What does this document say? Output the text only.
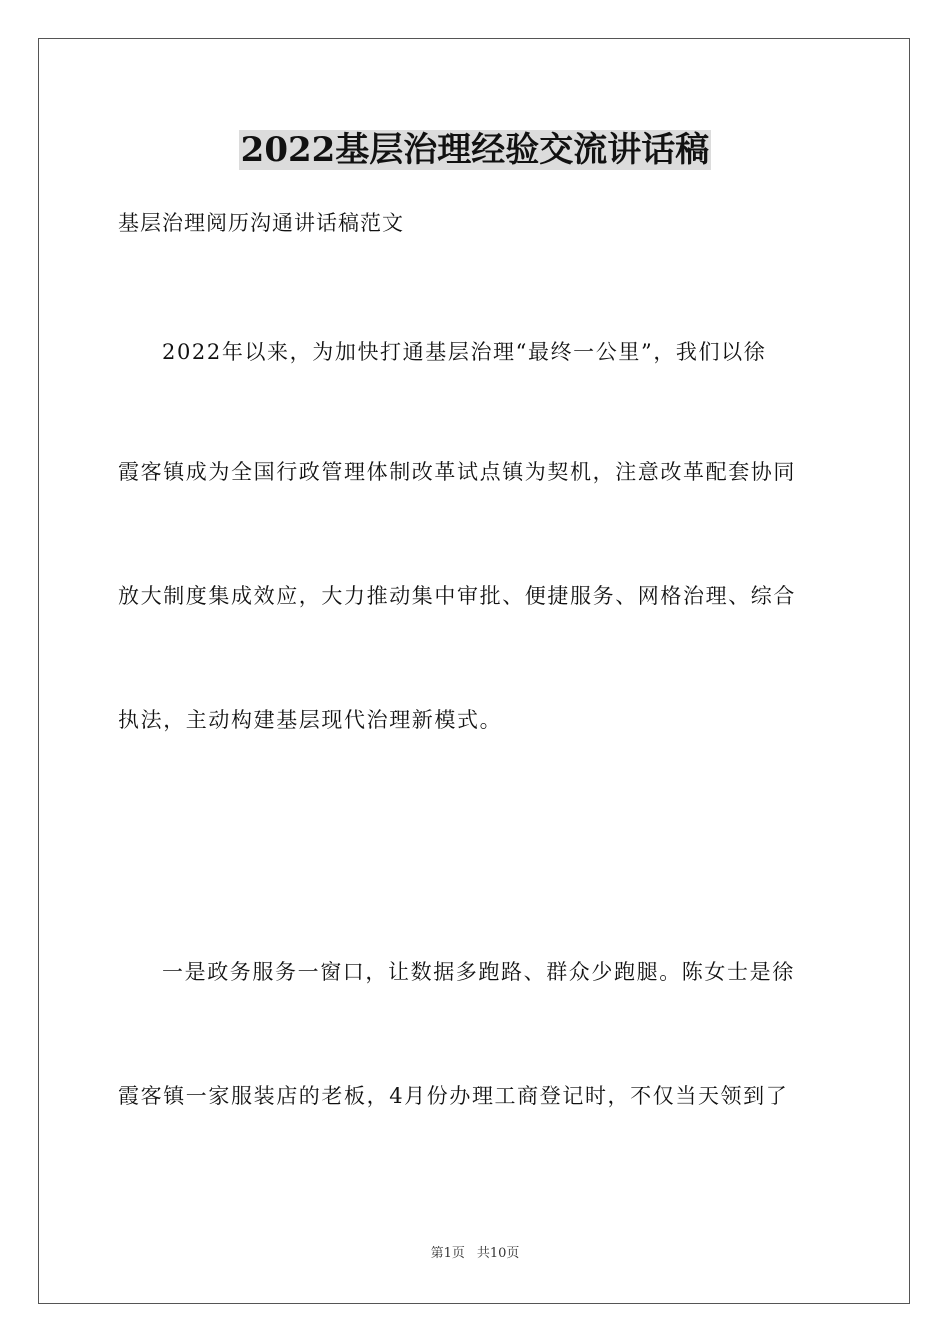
2022基层治理经验交流讲话稿
基层治理阅历沟通讲话稿范文
2022年以来，为加快打通基层治理“最终一公里”，我们以徐
霞客镇成为全国行政管理体制改革试点镇为契机，注意改革配套协同
放大制度集成效应，大力推动集中审批、便捷服务、网格治理、综合
执法，主动构建基层现代治理新模式。
一是政务服务一窗口，让数据多跑路、群众少跑腿。陈女士是徐
霞客镇一家服装店的老板，4月份办理工商登记时，不仅当天领到了
第1页 共10页
